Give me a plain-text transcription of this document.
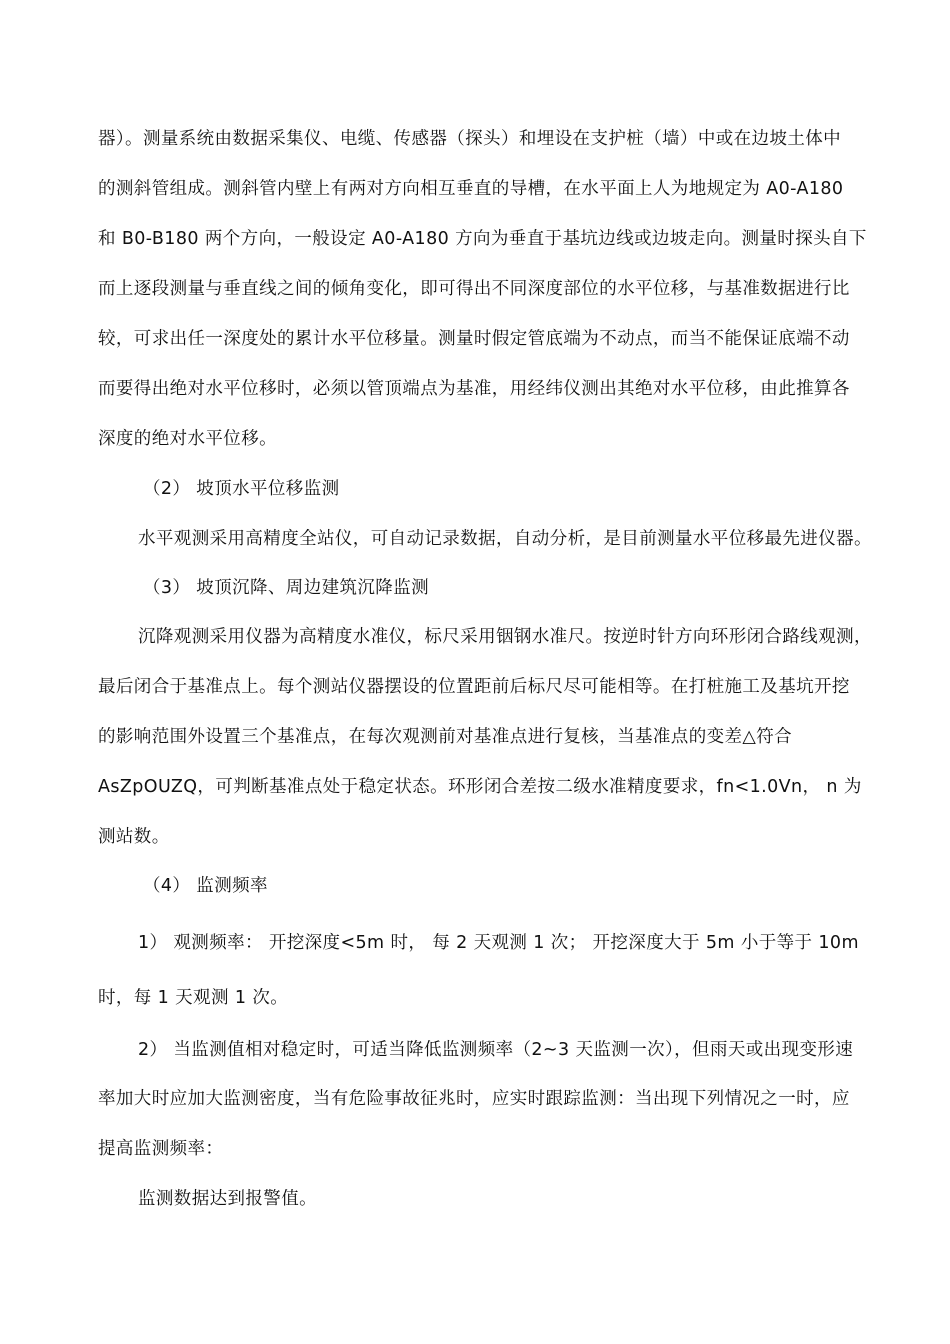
器）。测量系统由数据采集仪、电缆、传感器（探头）和埋设在支护桩（墙）中或在边坡土体中
的测斜管组成。测斜管内壁上有两对方向相互垂直的导槽，在水平面上人为地规定为 A0-A180
和 B0-B180 两个方向，一般设定 A0-A180 方向为垂直于基坑边线或边坡走向。测量时探头自下
而上逐段测量与垂直线之间的倾角变化，即可得出不同深度部位的水平位移，与基准数据进行比
较，可求出任一深度处的累计水平位移量。测量时假定管底端为不动点，而当不能保证底端不动
而要得出绝对水平位移时，必须以管顶端点为基准，用经纬仪测出其绝对水平位移，由此推算各
深度的绝对水平位移。
（2） 坡顶水平位移监测
水平观测采用高精度全站仪，可自动记录数据，自动分析，是目前测量水平位移最先进仪器。
（3） 坡顶沉降、周边建筑沉降监测
沉降观测采用仪器为高精度水准仪，标尺采用铟钢水准尺。按逆时针方向环形闭合路线观测，
最后闭合于基准点上。每个测站仪器摆设的位置距前后标尺尽可能相等。在打桩施工及基坑开挖
的影响范围外设置三个基准点，在每次观测前对基准点进行复核，当基准点的变差△符合
AsZpOUZQ，可判断基准点处于稳定状态。环形闭合差按二级水准精度要求，fn<1.0Vn， n 为
测站数。
（4） 监测频率
1） 观测频率： 开挖深度<5m 时， 每 2 天观测 1 次； 开挖深度大于 5m 小于等于 10m
时，每 1 天观测 1 次。
2） 当监测值相对稳定时，可适当降低监测频率（2~3 天监测一次），但雨天或出现变形速
率加大时应加大监测密度，当有危险事故征兆时，应实时跟踪监测：当出现下列情况之一时，应
提高监测频率：
监测数据达到报警值。
